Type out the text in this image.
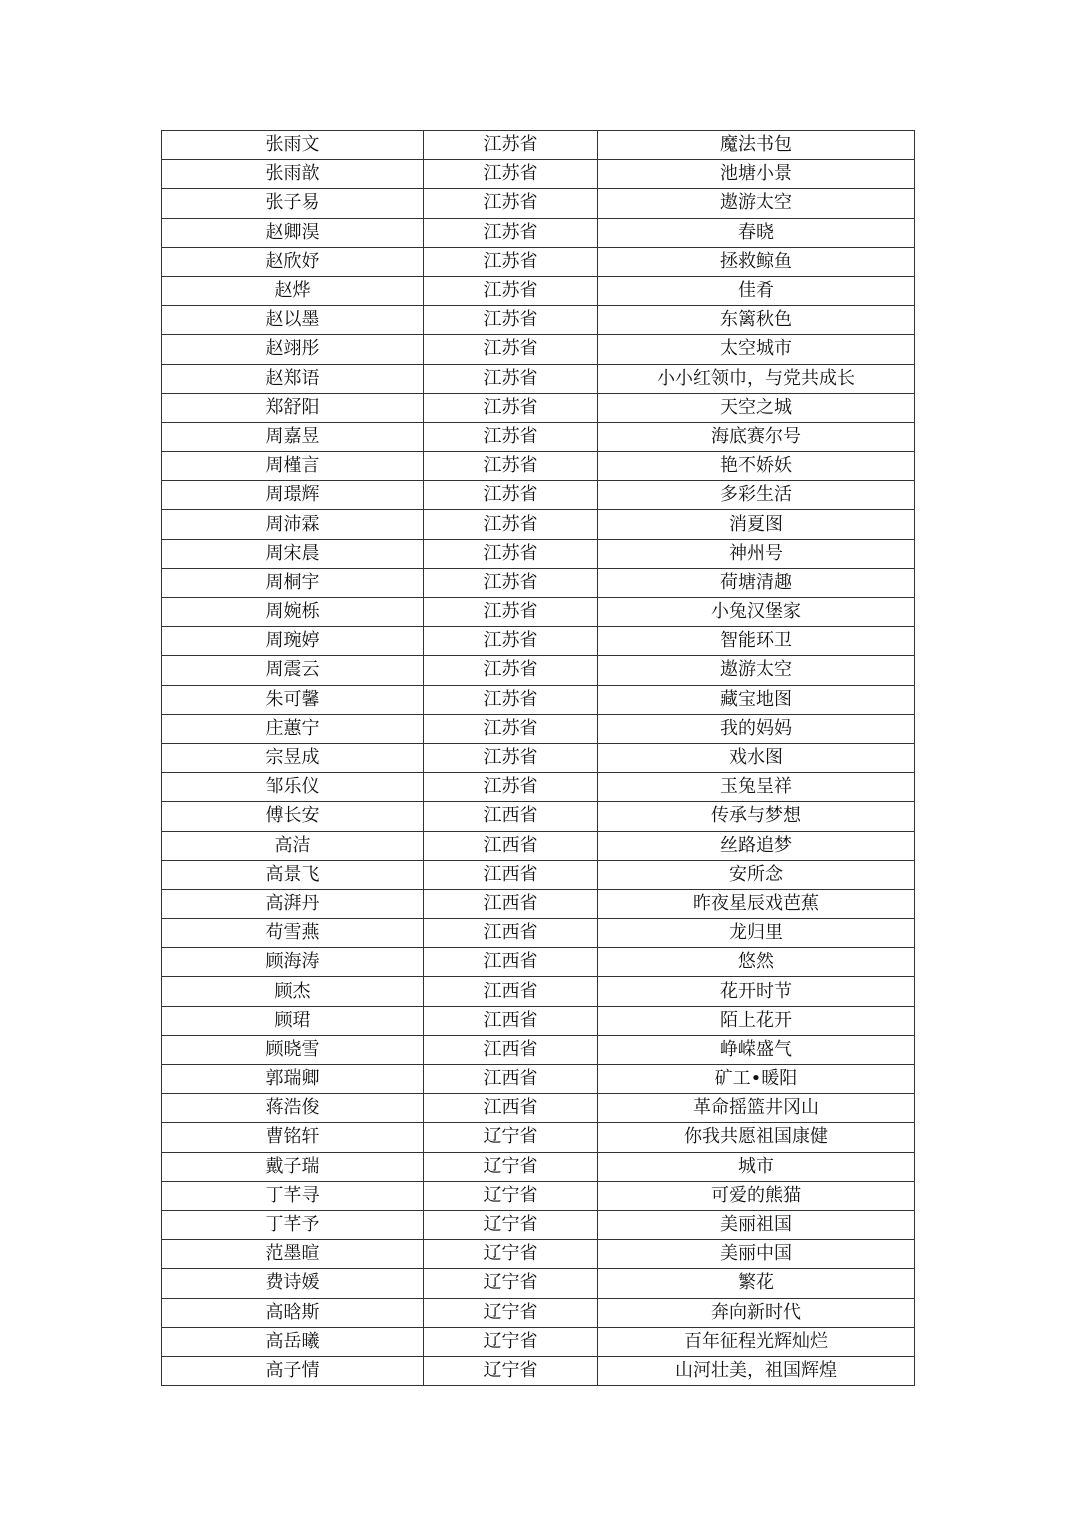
张雨文	江苏省	魔法书包
张雨歆	江苏省	池塘小景
张子易	江苏省	遨游太空
赵卿淏	江苏省	春晓
赵欣妤	江苏省	拯救鲸鱼
赵烨	江苏省	佳肴
赵以墨	江苏省	东篱秋色
赵翊彤	江苏省	太空城市
赵郑语	江苏省	小小红领巾，与党共成长
郑舒阳	江苏省	天空之城
周嘉昱	江苏省	海底赛尔号
周槿言	江苏省	艳不娇妖
周璟辉	江苏省	多彩生活
周沛霖	江苏省	消夏图
周宋晨	江苏省	神州号
周桐宇	江苏省	荷塘清趣
周婉栎	江苏省	小兔汉堡家
周琬婷	江苏省	智能环卫
周震云	江苏省	遨游太空
朱可馨	江苏省	藏宝地图
庄蕙宁	江苏省	我的妈妈
宗昱成	江苏省	戏水图
邹乐仪	江苏省	玉兔呈祥
傅长安	江西省	传承与梦想
高洁	江西省	丝路追梦
高景飞	江西省	安所念
高湃丹	江西省	昨夜星辰戏芭蕉
苟雪燕	江西省	龙归里
顾海涛	江西省	悠然
顾杰	江西省	花开时节
顾珺	江西省	陌上花开
顾晓雪	江西省	峥嵘盛气
郭瑞卿	江西省	矿工•暖阳
蒋浩俊	江西省	革命摇篮井冈山
曹铭轩	辽宁省	你我共愿祖国康健
戴子瑞	辽宁省	城市
丁芊寻	辽宁省	可爱的熊猫
丁芊予	辽宁省	美丽祖国
范墨暄	辽宁省	美丽中国
费诗媛	辽宁省	繁花
高晗斯	辽宁省	奔向新时代
高岳曦	辽宁省	百年征程光辉灿烂
高子情	辽宁省	山河壮美，祖国辉煌
